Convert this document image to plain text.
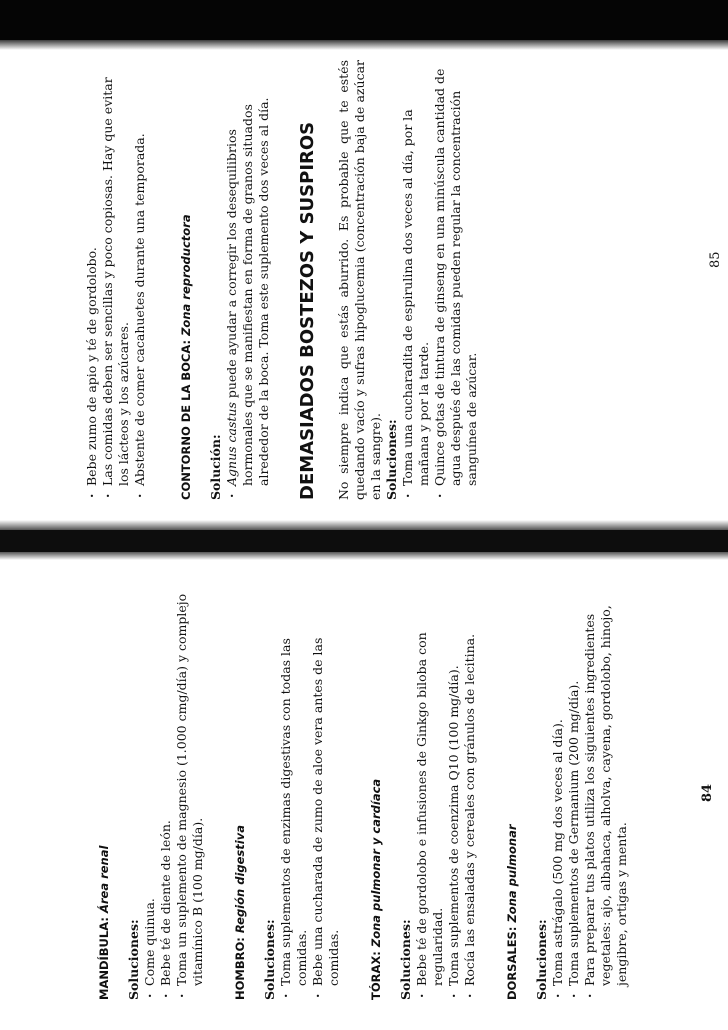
· Bebe zumo de apio y té de gordolobo. · Las comidas deben ser sencillas y poco copiosas. Hay que evitar los lácteos y los azúcares. · Abstente de comer cacahuetes durante una temporada.	CONTORNO DE LA BOCA: Zona reproductora

Solución: · Agnus castus puede ayudar a corregir los desequilibrios hormonales que se manifiestan en forma de granos situados alrededor de la boca. Toma este suplemento dos veces al día. DEMASIADOS BOSTEZOS Y SUSPIROS No siempre indica que estás aburrido. Es probable que te estés quedando vacío y sufras hipoglucemia (concentración baja de azúcar en la sangre). Soluciones: · Toma una cucharadita de espirulina dos veces al día, por la mañana y por la tarde. · Quince gotas de tintura de ginseng en una minúscula cantidad de agua después de las comidas pueden regular la concentración sanguínea de azúcar.
85

MANDÍBULA: Área renal

Soluciones: · Come quinua. · Bebe té de diente de león. · Toma un suplemento de magnesio (1.000 cmg/día) y complejo vitamínico B (100 mg/día). HOMBRO: Región digestiva

Soluciones: · Toma suplementos de enzimas digestivas con todas las comidas. · Bebe una cucharada de zumo de aloe vera antes de las comidas. TÓRAX: Zona pulmonar y cardíaca

Soluciones: · Bebe té de gordolobo e infusiones de Ginkgo biloba con regularidad. · Toma suplementos de coenzima Q10 (100 mg/día). · Rocía las ensaladas y cereales con gránulos de lecitina. DORSALES: Zona pulmonar

Soluciones: · Toma astrágalo (500 mg dos veces al día). · Toma suplementos de Germanium (200 mg/día). · Para preparar tus platos utiliza los siguientes ingredientes vegetales: ajo, albahaca, alholva, cayena, gordolobo, hinojo, jengibre, ortigas y menta.
84
